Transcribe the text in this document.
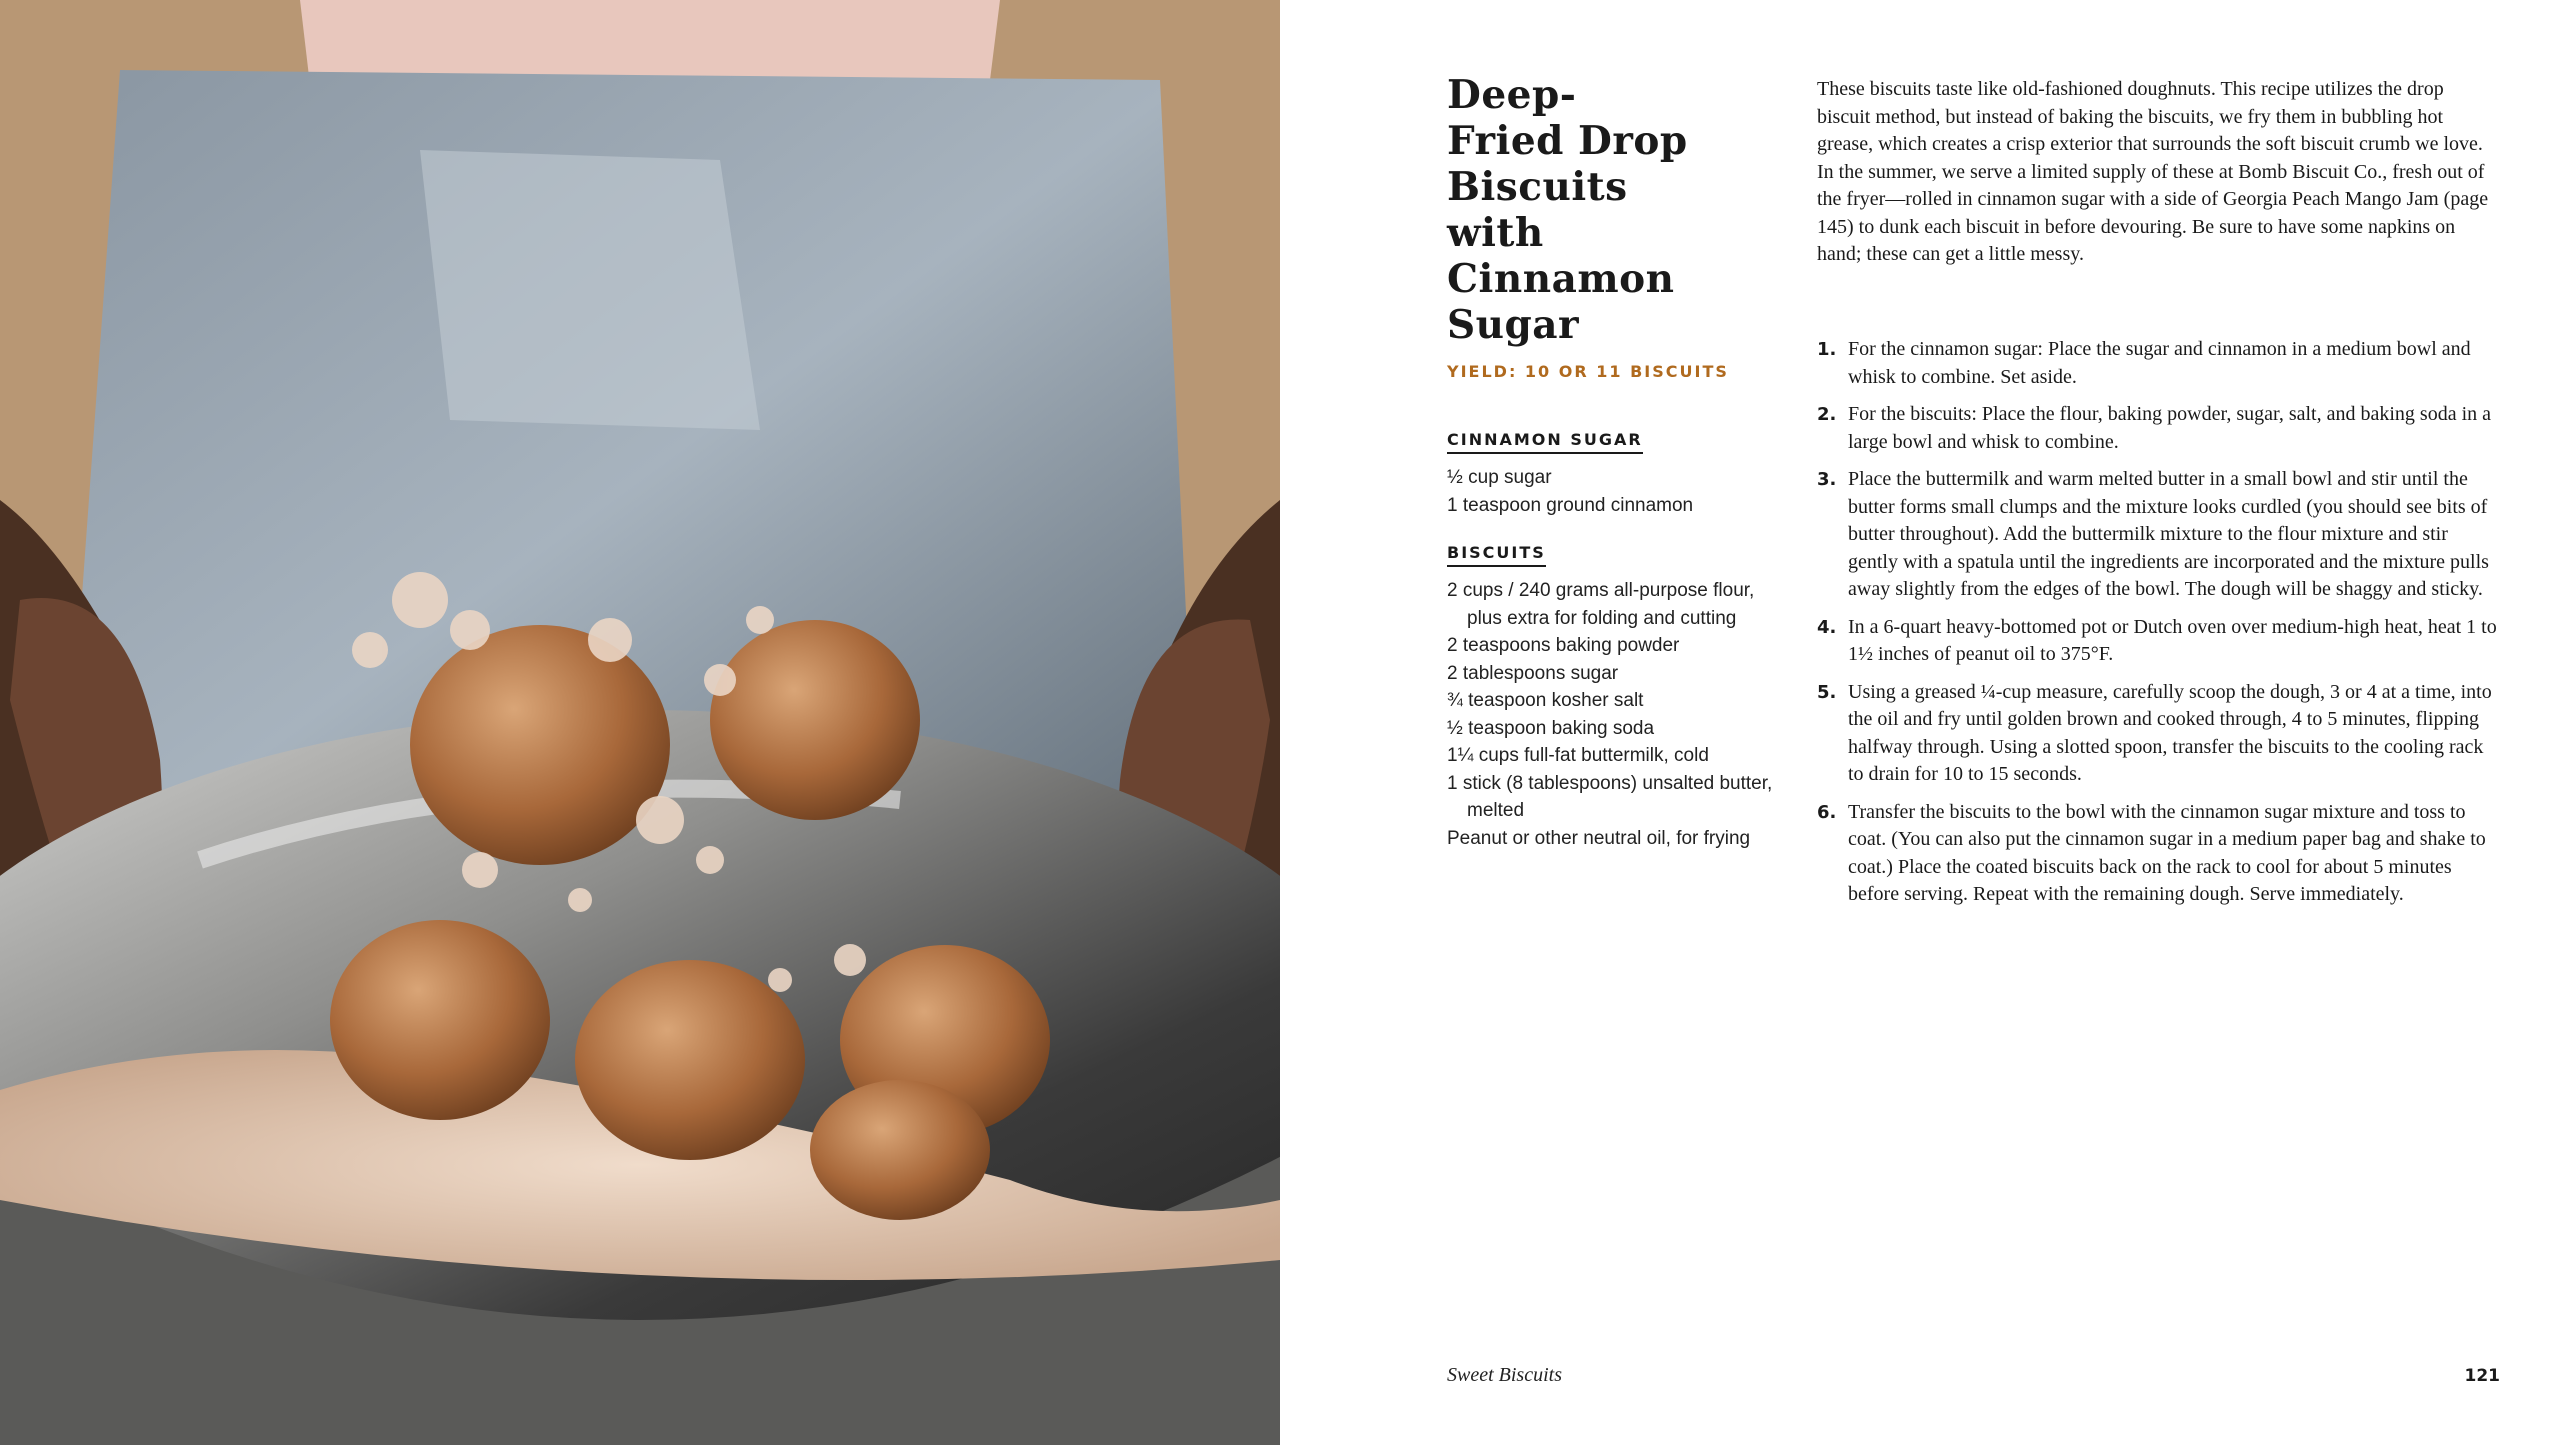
Deep-
Fried Drop
Biscuits
with
Cinnamon
Sugar

YIELD: 10 OR 11 BISCUITS

CINNAMON SUGAR

½ cup sugar
1 teaspoon ground cinnamon

BISCUITS

2 cups / 240 grams all-purpose flour, plus extra for folding and cutting
2 teaspoons baking powder
2 tablespoons sugar
¾ teaspoon kosher salt
½ teaspoon baking soda
1¼ cups full-fat buttermilk, cold
1 stick (8 tablespoons) unsalted butter, melted
Peanut or other neutral oil, for frying

These biscuits taste like old-fashioned doughnuts. This recipe utilizes the drop biscuit method, but instead of baking the biscuits, we fry them in bubbling hot grease, which creates a crisp exterior that surrounds the soft biscuit crumb we love. In the summer, we serve a limited supply of these at Bomb Biscuit Co., fresh out of the fryer—rolled in cinnamon sugar with a side of Georgia Peach Mango Jam (page 145) to dunk each biscuit in before devouring. Be sure to have some napkins on hand; these can get a little messy.

1. For the cinnamon sugar: Place the sugar and cinnamon in a medium bowl and whisk to combine. Set aside.
2. For the biscuits: Place the flour, baking powder, sugar, salt, and baking soda in a large bowl and whisk to combine.
3. Place the buttermilk and warm melted butter in a small bowl and stir until the butter forms small clumps and the mixture looks curdled (you should see bits of butter throughout). Add the buttermilk mixture to the flour mixture and stir gently with a spatula until the ingredients are incorporated and the mixture pulls away slightly from the edges of the bowl. The dough will be shaggy and sticky.
4. In a 6-quart heavy-bottomed pot or Dutch oven over medium-high heat, heat 1 to 1½ inches of peanut oil to 375°F.
5. Using a greased ¼-cup measure, carefully scoop the dough, 3 or 4 at a time, into the oil and fry until golden brown and cooked through, 4 to 5 minutes, flipping halfway through. Using a slotted spoon, transfer the biscuits to the cooling rack to drain for 10 to 15 seconds.
6. Transfer the biscuits to the bowl with the cinnamon sugar mixture and toss to coat. (You can also put the cinnamon sugar in a medium paper bag and shake to coat.) Place the coated biscuits back on the rack to cool for about 5 minutes before serving. Repeat with the remaining dough. Serve immediately.

Sweet Biscuits	121
